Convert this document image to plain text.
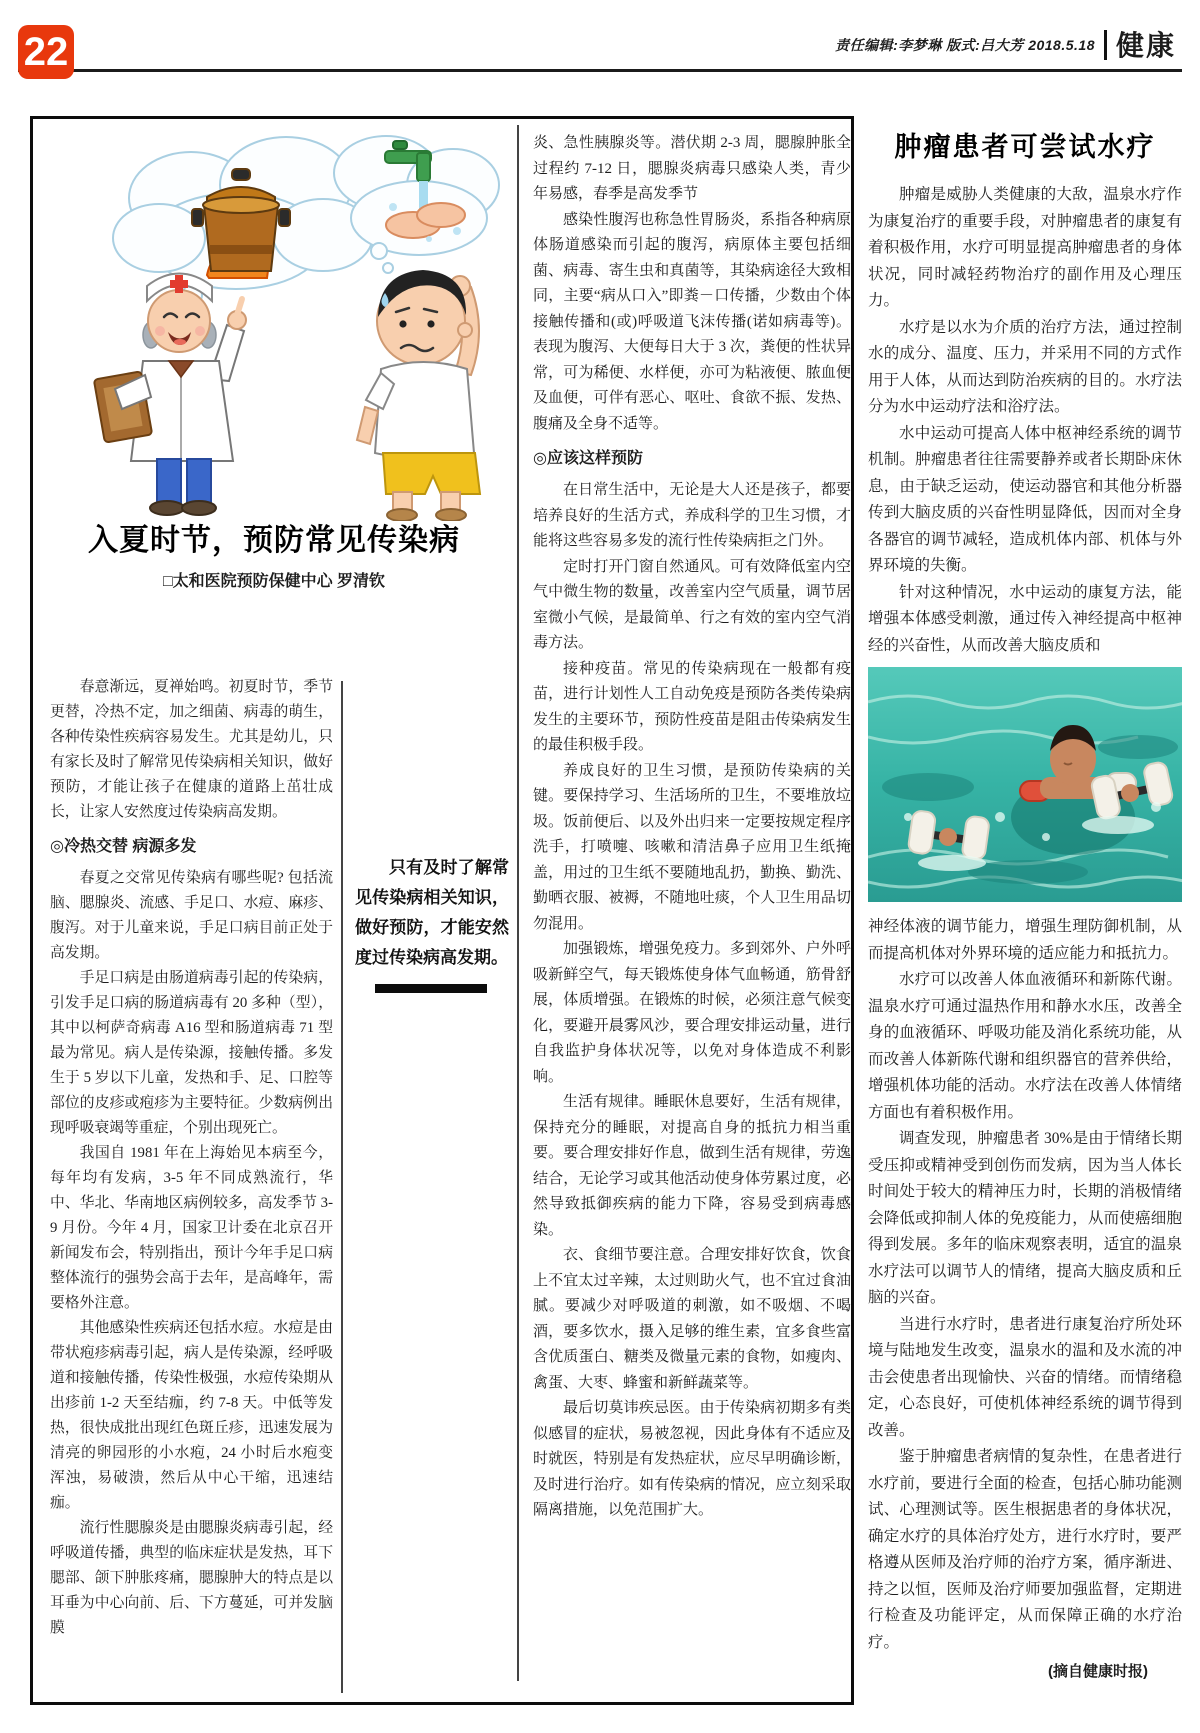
22	责任编辑:李梦琳 版式:吕大芳 2018.5.18 健康
入夏时节，预防常见传染病
□太和医院预防保健中心 罗清钦

春意渐远，夏禅始鸣。初夏时节，季节更替，冷热不定，加之细菌、病毒的萌生，各种传染性疾病容易发生。尤其是幼儿，只有家长及时了解常见传染病相关知识，做好预防，才能让孩子在健康的道路上茁壮成长，让家人安然度过传染病高发期。

◎冷热交替 病源多发

春夏之交常见传染病有哪些呢? 包括流脑、腮腺炎、流感、手足口、水痘、麻疹、腹泻。对于儿童来说，手足口病目前正处于高发期。

手足口病是由肠道病毒引起的传染病，引发手足口病的肠道病毒有 20 多种（型），其中以柯萨奇病毒 A16 型和肠道病毒 71 型最为常见。病人是传染源，接触传播。多发生于 5 岁以下儿童，发热和手、足、口腔等部位的皮疹或疱疹为主要特征。少数病例出现呼吸衰竭等重症，个别出现死亡。

我国自 1981 年在上海始见本病至今，每年均有发病，3-5 年不同成熟流行，华中、华北、华南地区病例较多，高发季节 3-9 月份。今年 4 月，国家卫计委在北京召开新闻发布会，特别指出，预计今年手足口病整体流行的强势会高于去年，是高峰年，需要格外注意。

其他感染性疾病还包括水痘。水痘是由带状疱疹病毒引起，病人是传染源，经呼吸道和接触传播，传染性极强，水痘传染期从出疹前 1-2 天至结痂，约 7-8 天。中低等发热，很快成批出现红色斑丘疹，迅速发展为清亮的卵园形的小水疱，24 小时后水疱变浑浊，易破溃，然后从中心干缩，迅速结痂。

流行性腮腺炎是由腮腺炎病毒引起，经呼吸道传播，典型的临床症状是发热，耳下腮部、颌下肿胀疼痛，腮腺肿大的特点是以耳垂为中心向前、后、下方蔓延，可并发脑膜

只有及时了解常见传染病相关知识，做好预防，才能安然度过传染病高发期。

炎、急性胰腺炎等。潜伏期 2-3 周，腮腺肿胀全过程约 7-12 日，腮腺炎病毒只感染人类，青少年易感，春季是高发季节

感染性腹泻也称急性胃肠炎，系指各种病原体肠道感染而引起的腹泻，病原体主要包括细菌、病毒、寄生虫和真菌等，其染病途径大致相同，主要“病从口入”即粪－口传播，少数由个体接触传播和(或)呼吸道飞沫传播(诺如病毒等)。表现为腹泻、大便每日大于 3 次，粪便的性状异常，可为稀便、水样便，亦可为粘液便、脓血便及血便，可伴有恶心、呕吐、食欲不振、发热、腹痛及全身不适等。

◎应该这样预防

在日常生活中，无论是大人还是孩子，都要培养良好的生活方式，养成科学的卫生习惯，才能将这些容易多发的流行性传染病拒之门外。

定时打开门窗自然通风。可有效降低室内空气中微生物的数量，改善室内空气质量，调节居室微小气候，是最简单、行之有效的室内空气消毒方法。

接种疫苗。常见的传染病现在一般都有疫苗，进行计划性人工自动免疫是预防各类传染病发生的主要环节，预防性疫苗是阻击传染病发生的最佳积极手段。

养成良好的卫生习惯，是预防传染病的关键。要保持学习、生活场所的卫生，不要堆放垃圾。饭前便后、以及外出归来一定要按规定程序洗手，打喷嚏、咳嗽和清洁鼻子应用卫生纸掩盖，用过的卫生纸不要随地乱扔，勤换、勤洗、勤晒衣服、被褥，不随地吐痰，个人卫生用品切勿混用。

加强锻炼，增强免疫力。多到郊外、户外呼吸新鲜空气，每天锻炼使身体气血畅通，筋骨舒展，体质增强。在锻炼的时候，必须注意气候变化，要避开晨雾风沙，要合理安排运动量，进行自我监护身体状况等，以免对身体造成不利影响。

生活有规律。睡眠休息要好，生活有规律，保持充分的睡眠，对提高自身的抵抗力相当重要。要合理安排好作息，做到生活有规律，劳逸结合，无论学习或其他活动使身体劳累过度，必然导致抵御疾病的能力下降，容易受到病毒感染。

衣、食细节要注意。合理安排好饮食，饮食上不宜太过辛辣，太过则助火气，也不宜过食油腻。要减少对呼吸道的刺激，如不吸烟、不喝酒，要多饮水，摄入足够的维生素，宜多食些富含优质蛋白、糖类及微量元素的食物，如瘦肉、禽蛋、大枣、蜂蜜和新鲜蔬菜等。

最后切莫讳疾忌医。由于传染病初期多有类似感冒的症状，易被忽视，因此身体有不适应及时就医，特别是有发热症状，应尽早明确诊断，及时进行治疗。如有传染病的情况，应立刻采取隔离措施，以免范围扩大。

肿瘤患者可尝试水疗

肿瘤是威胁人类健康的大敌，温泉水疗作为康复治疗的重要手段，对肿瘤患者的康复有着积极作用，水疗可明显提高肿瘤患者的身体状况，同时减轻药物治疗的副作用及心理压力。

水疗是以水为介质的治疗方法，通过控制水的成分、温度、压力，并采用不同的方式作用于人体，从而达到防治疾病的目的。水疗法分为水中运动疗法和浴疗法。

水中运动可提高人体中枢神经系统的调节机制。肿瘤患者往往需要静养或者长期卧床休息，由于缺乏运动，使运动器官和其他分析器传到大脑皮质的兴奋性明显降低，因而对全身各器官的调节减轻，造成机体内部、机体与外界环境的失衡。

针对这种情况，水中运动的康复方法，能增强本体感受刺激，通过传入神经提高中枢神经的兴奋性，从而改善大脑皮质和

神经体液的调节能力，增强生理防御机制，从而提高机体对外界环境的适应能力和抵抗力。

水疗可以改善人体血液循环和新陈代谢。温泉水疗可通过温热作用和静水水压，改善全身的血液循环、呼吸功能及消化系统功能，从而改善人体新陈代谢和组织器官的营养供给，增强机体功能的活动。水疗法在改善人体情绪方面也有着积极作用。

调查发现，肿瘤患者 30%是由于情绪长期受压抑或精神受到创伤而发病，因为当人体长时间处于较大的精神压力时，长期的消极情绪会降低或抑制人体的免疫能力，从而使癌细胞得到发展。多年的临床观察表明，适宜的温泉水疗法可以调节人的情绪，提高大脑皮质和丘脑的兴奋。

当进行水疗时，患者进行康复治疗所处环境与陆地发生改变，温泉水的温和及水流的冲击会使患者出现愉快、兴奋的情绪。而情绪稳定，心态良好，可使机体神经系统的调节得到改善。

鉴于肿瘤患者病情的复杂性，在患者进行水疗前，要进行全面的检查，包括心肺功能测试、心理测试等。医生根据患者的身体状况，确定水疗的具体治疗处方，进行水疗时，要严格遵从医师及治疗师的治疗方案，循序渐进、持之以恒，医师及治疗师要加强监督，定期进行检查及功能评定，从而保障正确的水疗治疗。

(摘自健康时报)
